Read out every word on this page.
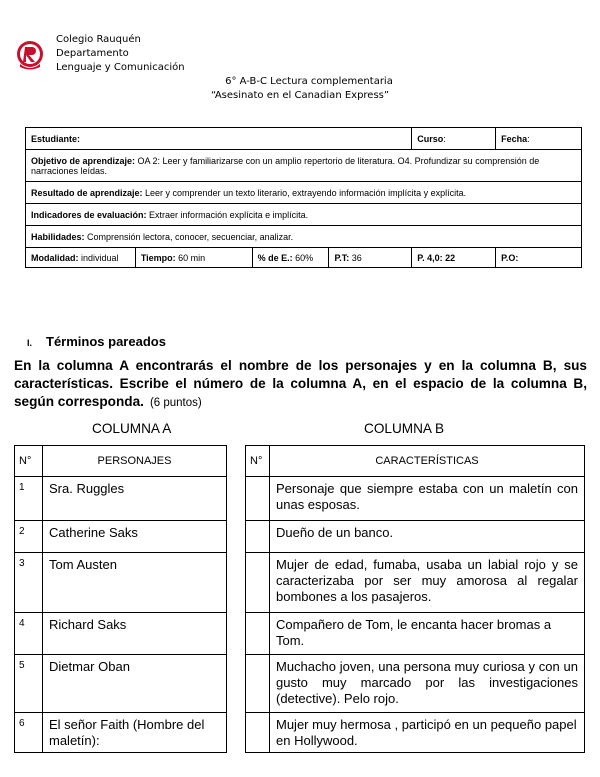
Colegio Rauquén
Departamento
Lenguaje y Comunicación
6° A-B-C Lectura complementaria
“Asesinato en el Canadian Express”
Estudiante:				Curso:	Fecha:
Objetivo de aprendizaje: OA 2: Leer y familiarizarse con un amplio repertorio de literatura. O4. Profundizar su comprensión de narraciones leídas.					
Resultado de aprendizaje: Leer y comprender un texto literario, extrayendo información implícita y explícita.					
Indicadores de evaluación: Extraer información explícita e implícita.					
Habilidades: Comprensión lectora, conocer, secuenciar, analizar.					
Modalidad: individual	Tiempo: 60 min	% de E.: 60%	P.T: 36	P. 4,0: 22	P.O:
I. Términos pareados
En la columna A encontrarás el nombre de los personajes y en la columna B, sus características. Escribe el número de la columna A, en el espacio de la columna B, según corresponda. (6 puntos)
COLUMNA A	COLUMNA B
N°	PERSONAJES
1	Sra. Ruggles
2	Catherine Saks
3	Tom Austen
4	Richard Saks
5	Dietmar Oban
6	El señor Faith (Hombre del maletín):
N°	CARACTERÍSTICAS
	Personaje que siempre estaba con un maletín con unas esposas.
	Dueño de un banco.
	Mujer de edad, fumaba, usaba un labial rojo y se caracterizaba por ser muy amorosa al regalar bombones a los pasajeros.
	Compañero de Tom, le encanta hacer bromas a Tom.
	Muchacho joven, una persona muy curiosa y con un gusto muy marcado por las investigaciones (detective). Pelo rojo.
	Mujer muy hermosa , participó en un pequeño papel en Hollywood.
